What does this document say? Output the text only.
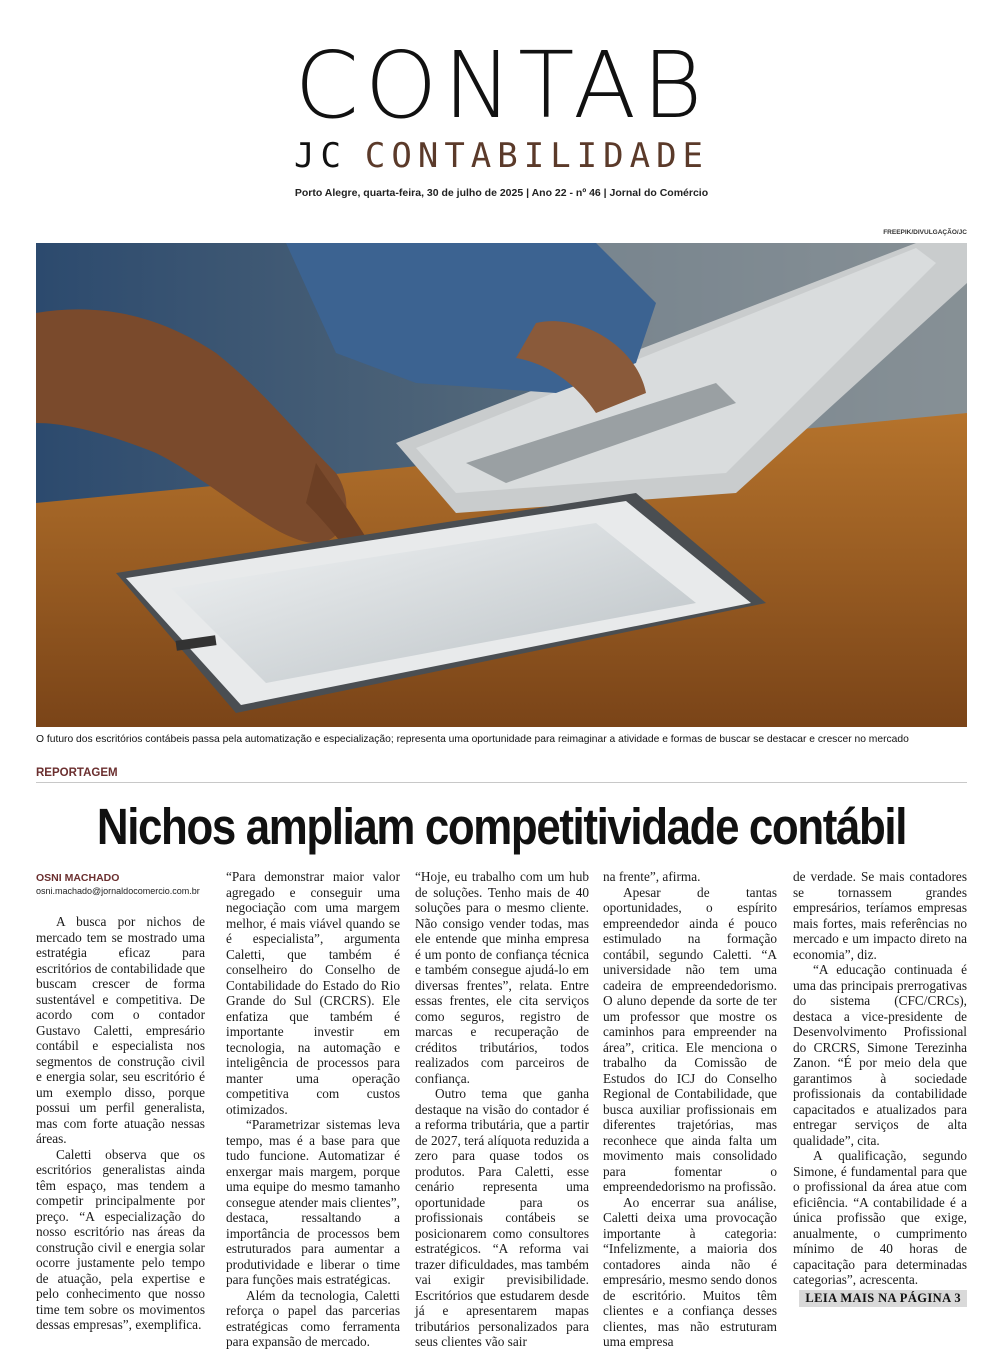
CONTAB
JC CONTABILIDADE
Porto Alegre, quarta-feira, 30 de julho de 2025 | Ano 22 - nº 46 | Jornal do Comércio
FREEPIK/DIVULGAÇÃO/JC
O futuro dos escritórios contábeis passa pela automatização e especialização; representa uma oportunidade para reimaginar a atividade e formas de buscar se destacar e crescer no mercado
REPORTAGEM
Nichos ampliam competitividade contábil
OSNI MACHADO
osni.machado@jornaldocomercio.com.br

A busca por nichos de mercado tem se mostrado uma estratégia eficaz para escritórios de contabilidade que buscam crescer de forma sustentável e competitiva. De acordo com o contador Gustavo Caletti, empresário contábil e especialista nos segmentos de construção civil e energia solar, seu escritório é um exemplo disso, porque possui um perfil generalista, mas com forte atuação nessas áreas.

Caletti observa que os escritórios generalistas ainda têm espaço, mas tendem a competir principalmente por preço. “A especialização do nosso escritório nas áreas da construção civil e energia solar ocorre justamente pelo tempo de atuação, pela expertise e pelo conhecimento que nosso time tem sobre os movimentos dessas empresas”, exemplifica.

“Para demonstrar maior valor agregado e conseguir uma negociação com uma margem melhor, é mais viável quando se é especialista”, argumenta Caletti, que também é conselheiro do Conselho de Contabilidade do Estado do Rio Grande do Sul (CRCRS). Ele enfatiza que também é importante investir em tecnologia, na automação e inteligência de processos para manter uma operação competitiva com custos otimizados.

“Parametrizar sistemas leva tempo, mas é a base para que tudo funcione. Automatizar é enxergar mais margem, porque uma equipe do mesmo tamanho consegue atender mais clientes”, destaca, ressaltando a importância de processos bem estruturados para aumentar a produtividade e liberar o time para funções mais estratégicas.

Além da tecnologia, Caletti reforça o papel das parcerias estratégicas como ferramenta para expansão de mercado.

“Hoje, eu trabalho com um hub de soluções. Tenho mais de 40 soluções para o mesmo cliente. Não consigo vender todas, mas ele entende que minha empresa é um ponto de confiança técnica e também consegue ajudá-lo em diversas frentes”, relata. Entre essas frentes, ele cita serviços como seguros, registro de marcas e recuperação de créditos tributários, todos realizados com parceiros de confiança.

Outro tema que ganha destaque na visão do contador é a reforma tributária, que a partir de 2027, terá alíquota reduzida a zero para quase todos os produtos. Para Caletti, esse cenário representa uma oportunidade para os profissionais contábeis se posicionarem como consultores estratégicos. “A reforma vai trazer dificuldades, mas também vai exigir previsibilidade. Escritórios que estudarem desde já e apresentarem mapas tributários personalizados para seus clientes vão sair

na frente”, afirma.

Apesar de tantas oportunidades, o espírito empreendedor ainda é pouco estimulado na formação contábil, segundo Caletti. “A universidade não tem uma cadeira de empreendedorismo. O aluno depende da sorte de ter um professor que mostre os caminhos para empreender na área”, critica. Ele menciona o trabalho da Comissão de Estudos do ICJ do Conselho Regional de Contabilidade, que busca auxiliar profissionais em diferentes trajetórias, mas reconhece que ainda falta um movimento mais consolidado para fomentar o empreendedorismo na profissão.

Ao encerrar sua análise, Caletti deixa uma provocação importante à categoria: “Infelizmente, a maioria dos contadores ainda não é empresário, mesmo sendo donos de escritório. Muitos têm clientes e a confiança desses clientes, mas não estruturam uma empresa

de verdade. Se mais contadores se tornassem grandes empresários, teríamos empresas mais fortes, mais referências no mercado e um impacto direto na economia”, diz.

“A educação continuada é uma das principais prerrogativas do sistema (CFC/CRCs), destaca a vice-presidente de Desenvolvimento Profissional do CRCRS, Simone Terezinha Zanon. “É por meio dela que garantimos à sociedade profissionais da contabilidade capacitados e atualizados para entregar serviços de alta qualidade”, cita.

A qualificação, segundo Simone, é fundamental para que o profissional da área atue com eficiência. “A contabilidade é a única profissão que exige, anualmente, o cumprimento mínimo de 40 horas de capacitação para determinadas categorias”, acrescenta.

LEIA MAIS NA PÁGINA 3
